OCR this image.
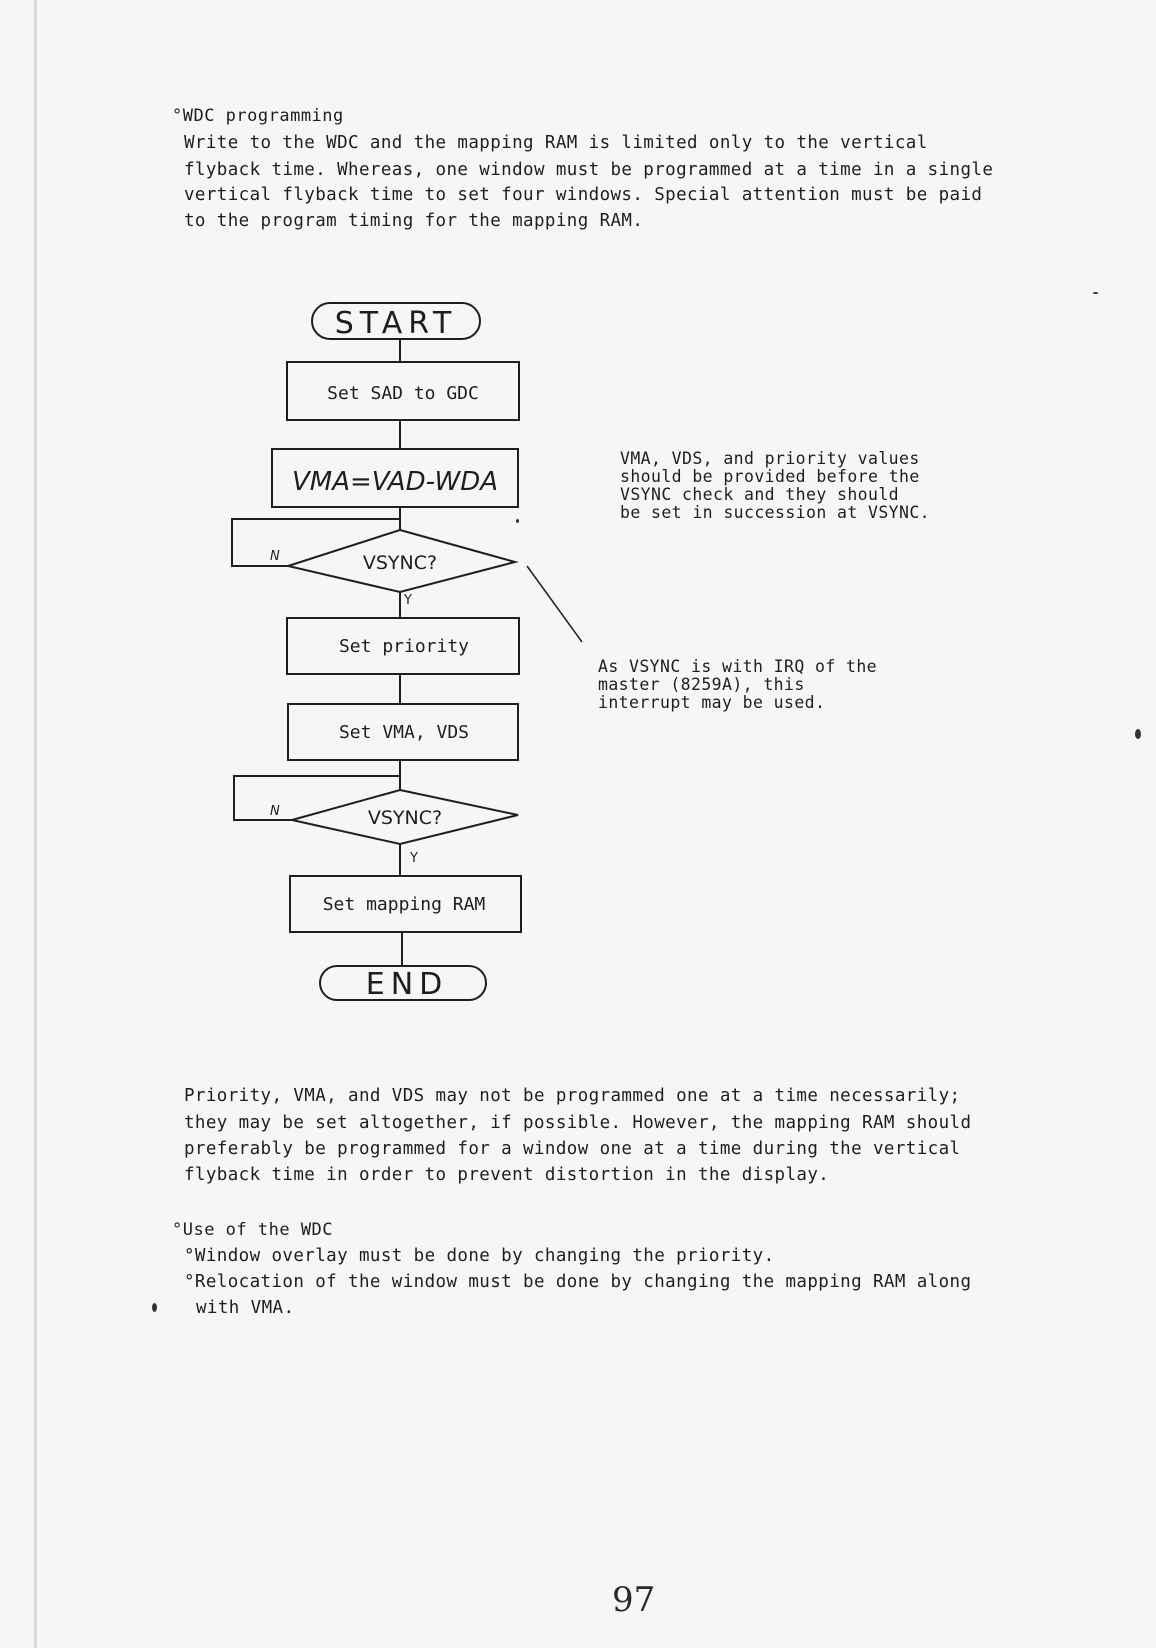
°WDC programming
Write to the WDC and the mapping RAM is limited only to the vertical
flyback time. Whereas, one window must be programmed at a time in a single
vertical flyback time to set four windows. Special attention must be paid
to the program timing for the mapping RAM.
START
Set SAD to GDC
VMA=VAD-WDA
N	VSYNC?
Y
Set priority
Set VMA, VDS
N	VSYNC?
Y
Set mapping RAM
END
VMA, VDS, and priority values
should be provided before the
VSYNC check and they should
be set in succession at VSYNC.
As VSYNC is with IRQ of the
master (8259A), this
interrupt may be used.
Priority, VMA, and VDS may not be programmed one at a time necessarily;
they may be set altogether, if possible. However, the mapping RAM should
preferably be programmed for a window one at a time during the vertical
flyback time in order to prevent distortion in the display.
°Use of the WDC
°Window overlay must be done by changing the priority.
°Relocation of the window must be done by changing the mapping RAM along
with VMA.
97
